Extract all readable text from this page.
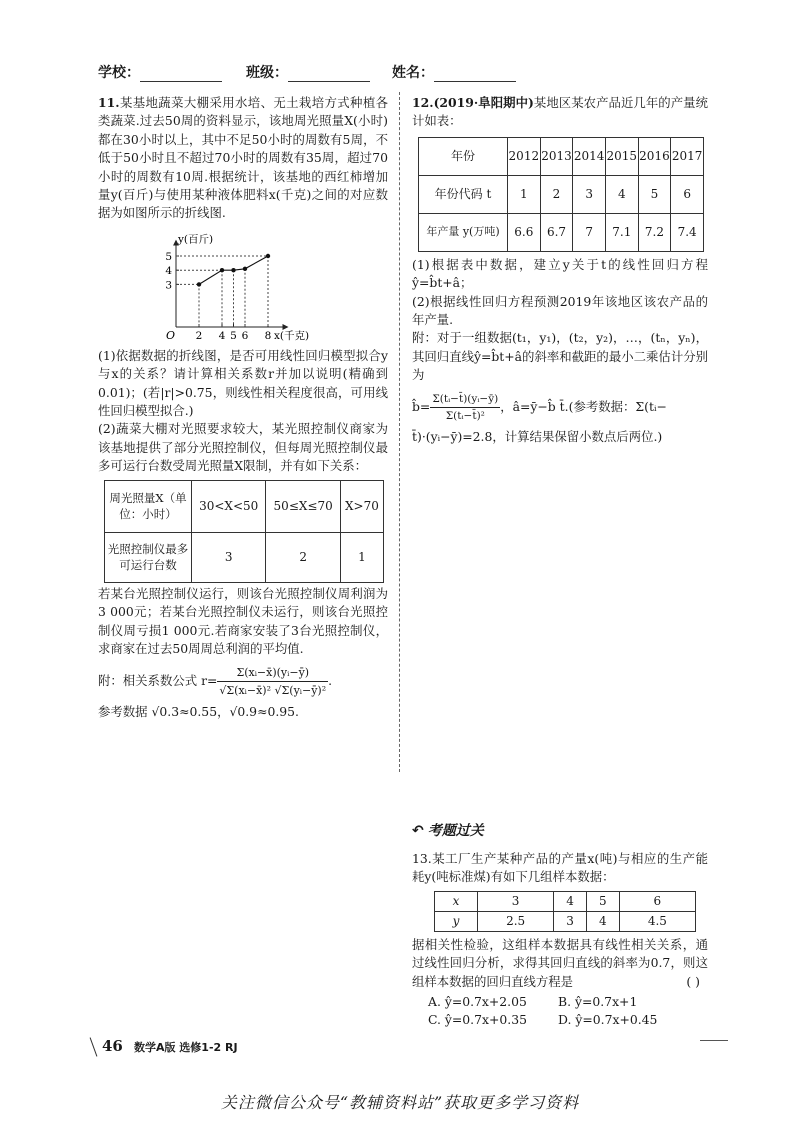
学校：	班级：	姓名：

11.某基地蔬菜大棚采用水培、无土栽培方式种植各类蔬菜.过去50周的资料显示，该地周光照量X(小时)都在30小时以上，其中不足50小时的周数有5周，不低于50小时且不超过70小时的周数有35周，超过70小时的周数有10周.根据统计，该基地的西红柿增加量y(百斤)与使用某种液体肥料x(千克)之间的对应数据为如图所示的折线图.

O
y(百斤)
x(千克)
2 4 5 6 8
3
4
5

(1)依据数据的折线图，是否可用线性回归模型拟合y与x的关系？请计算相关系数r并加以说明(精确到0.01)；(若|r|>0.75，则线性相关程度很高，可用线性回归模型拟合.)

(2)蔬菜大棚对光照要求较大，某光照控制仪商家为该基地提供了部分光照控制仪，但每周光照控制仪最多可运行台数受周光照量X限制，并有如下关系：

周光照量X（单位：小时）	30<X<50	50≤X≤70	X>70
光照控制仪最多可运行台数	3	2	1

若某台光照控制仪运行，则该台光照控制仪周利润为3 000元；若某台光照控制仪未运行，则该台光照控制仪周亏损1 000元.若商家安装了3台光照控制仪，求商家在过去50周周总利润的平均值.

附：相关系数公式 $r= \frac{\text{Σ(xᵢ−x̄)(yᵢ−ȳ)}}{\text{√Σ(xᵢ−x̄)² √Σ(yᵢ−ȳ)²}}$ .

参考数据 √0.3≈0.55，√0.9≈0.95.

12.(2019·阜阳期中)某地区某农产品近几年的产量统计如表：

年份	2012	2013	2014	2015	2016	2017
年份代码 t	1	2	3	4	5	6
年产量 y(万吨)	6.6	6.7	7	7.1	7.2	7.4

(1)根据表中数据，建立y关于t的线性回归方程ŷ=b̂t+â；

(2)根据线性回归方程预测2019年该地区该农产品的年产量.

附：对于一组数据(t₁，y₁)，(t₂，y₂)，…，(tₙ，yₙ)，其回归直线ŷ=b̂t+â的斜率和截距的最小二乘估计分别为

b̂= $\frac{\text{Σ(tᵢ−t̄)(yᵢ−ȳ)}}{\text{Σ(tᵢ−t̄)²}}$ ，â=ȳ−b̂ t̄.(参考数据：Σ(tᵢ−

t̄)·(yᵢ−ȳ)=2.8，计算结果保留小数点后两位.)

↶ 考题过关

13.某工厂生产某种产品的产量x(吨)与相应的生产能耗y(吨标准煤)有如下几组样本数据：

x	3	4	5	6
y	2.5	3	4	4.5

据相关性检验，这组样本数据具有线性相关关系，通过线性回归分析，求得其回归直线的斜率为0.7，则这组样本数据的回归直线方程是	( )

A. ŷ=0.7x+2.05	B. ŷ=0.7x+1
C. ŷ=0.7x+0.35	D. ŷ=0.7x+0.45
46 数学A版 选修1-2 RJ
关注微信公众号“教辅资料站”获取更多学习资料
